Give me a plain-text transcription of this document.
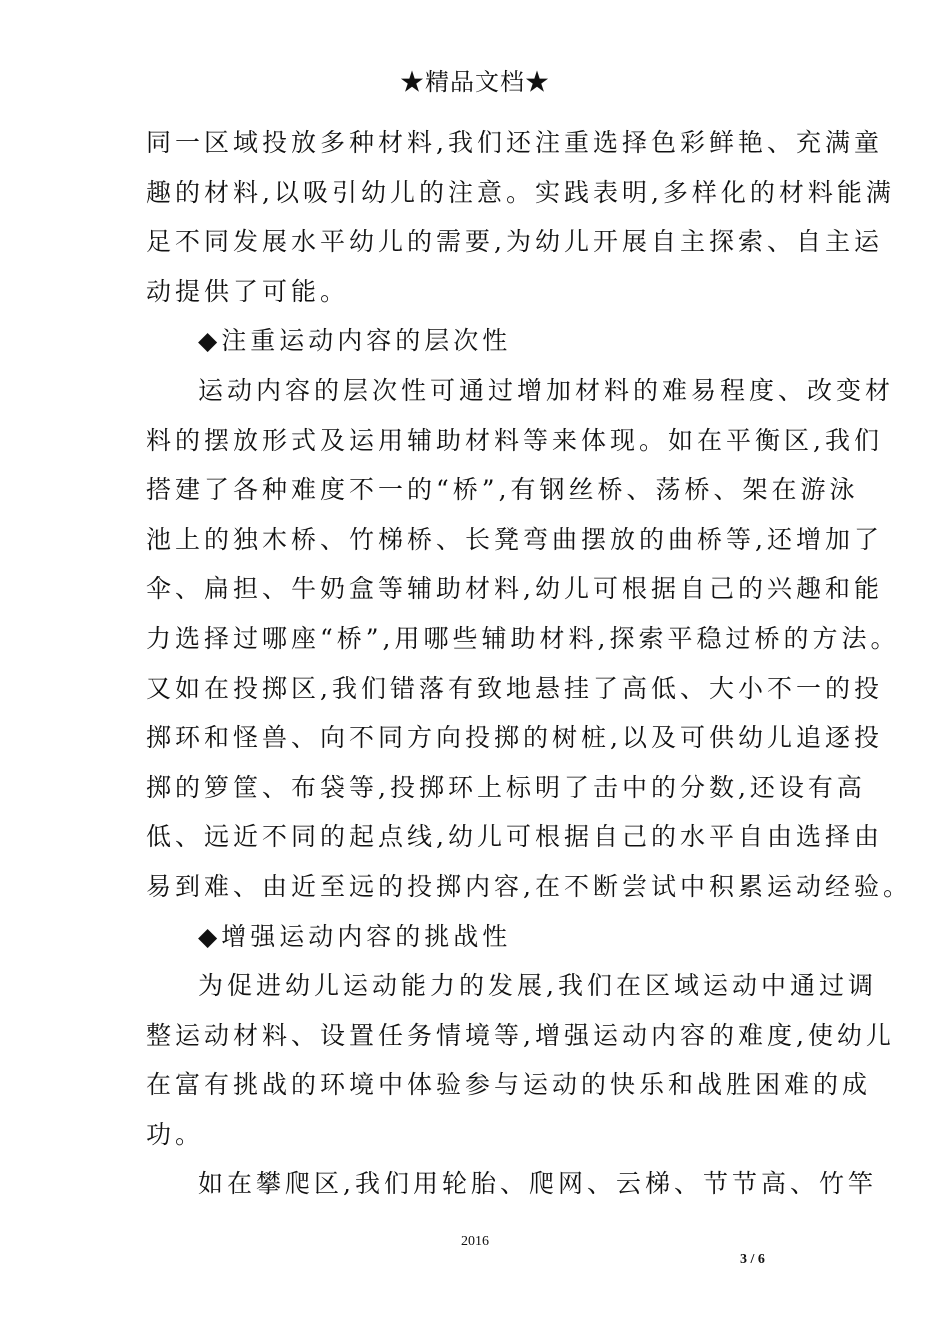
★精品文档★
同一区域投放多种材料,我们还注重选择色彩鲜艳、充满童
趣的材料,以吸引幼儿的注意。实践表明,多样化的材料能满
足不同发展水平幼儿的需要,为幼儿开展自主探索、自主运
动提供了可能。
◆注重运动内容的层次性
运动内容的层次性可通过增加材料的难易程度、改变材
料的摆放形式及运用辅助材料等来体现。如在平衡区,我们
搭建了各种难度不一的“桥”,有钢丝桥、荡桥、架在游泳
池上的独木桥、竹梯桥、长凳弯曲摆放的曲桥等,还增加了
伞、扁担、牛奶盒等辅助材料,幼儿可根据自己的兴趣和能
力选择过哪座“桥”,用哪些辅助材料,探索平稳过桥的方法。
又如在投掷区,我们错落有致地悬挂了高低、大小不一的投
掷环和怪兽、向不同方向投掷的树桩,以及可供幼儿追逐投
掷的箩筐、布袋等,投掷环上标明了击中的分数,还设有高
低、远近不同的起点线,幼儿可根据自己的水平自由选择由
易到难、由近至远的投掷内容,在不断尝试中积累运动经验。
◆增强运动内容的挑战性
为促进幼儿运动能力的发展,我们在区域运动中通过调
整运动材料、设置任务情境等,增强运动内容的难度,使幼儿
在富有挑战的环境中体验参与运动的快乐和战胜困难的成
功。
如在攀爬区,我们用轮胎、爬网、云梯、节节高、竹竿
2016
3 / 6
